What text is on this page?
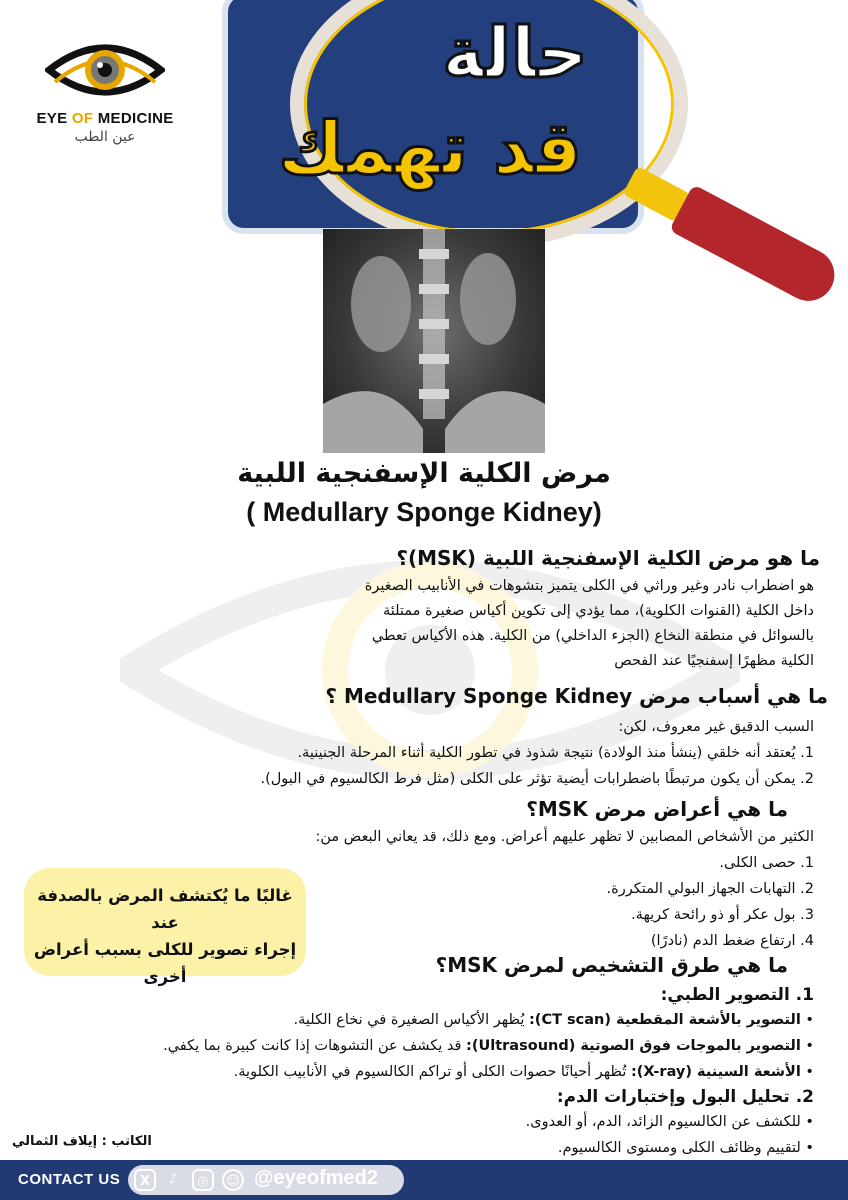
EYE OF MEDICINE
عين الطب
حالة
قد تهمك
مرض الكلية الإسفنجية اللبية
( Medullary Sponge Kidney)
ما هو مرض الكلية الإسفنجية اللبية (MSK)؟

هو اضطراب نادر وغير وراثي في الكلى يتميز بتشوهات في الأنابيب الصغيرة

داخل الكلية (القنوات الكلوية)، مما يؤدي إلى تكوين أكياس صغيرة ممتلئة

بالسوائل في منطقة النخاع (الجزء الداخلي) من الكلية. هذه الأكياس تعطي

الكلية مظهرًا إسفنجيًا عند الفحص

ما هي أسباب مرض Medullary Sponge Kidney ؟

السبب الدقيق غير معروف، لكن:

1. يُعتقد أنه خلقي (ينشأ منذ الولادة) نتيجة شذوذ في تطور الكلية أثناء المرحلة الجنينية.

2. يمكن أن يكون مرتبطًا باضطرابات أيضية تؤثر على الكلى (مثل فرط الكالسيوم في البول).

ما هي أعراض مرض MSK؟

الكثير من الأشخاص المصابين لا تظهر عليهم أعراض. ومع ذلك، قد يعاني البعض من:

1. حصى الكلى.

2. التهابات الجهاز البولي المتكررة.

3. بول عكر أو ذو رائحة كريهة.

4. ارتفاع ضغط الدم (نادرًا)

غالبًا ما يُكتشف المرض بالصدفة عند

إجراء تصوير للكلى بسبب أعراض

أخرى	ما هي طرق التشخيص لمرض MSK؟

1. التصوير الطبي:

• التصوير بالأشعة المقطعية (CT scan): يُظهر الأكياس الصغيرة في نخاع الكلية.

• التصوير بالموجات فوق الصوتية (Ultrasound): قد يكشف عن التشوهات إذا كانت كبيرة بما يكفي.

• الأشعة السينية (X-ray): تُظهر أحيانًا حصوات الكلى أو تراكم الكالسيوم في الأنابيب الكلوية.

2. تحليل البول وإختبارات الدم:

• للكشف عن الكالسيوم الزائد، الدم، أو العدوى.

• لتقييم وظائف الكلى ومستوى الكالسيوم.

الكاتب : إيلاف الثمالي
CONTACT US	X	♪	◎	☺ @eyeofmed2
